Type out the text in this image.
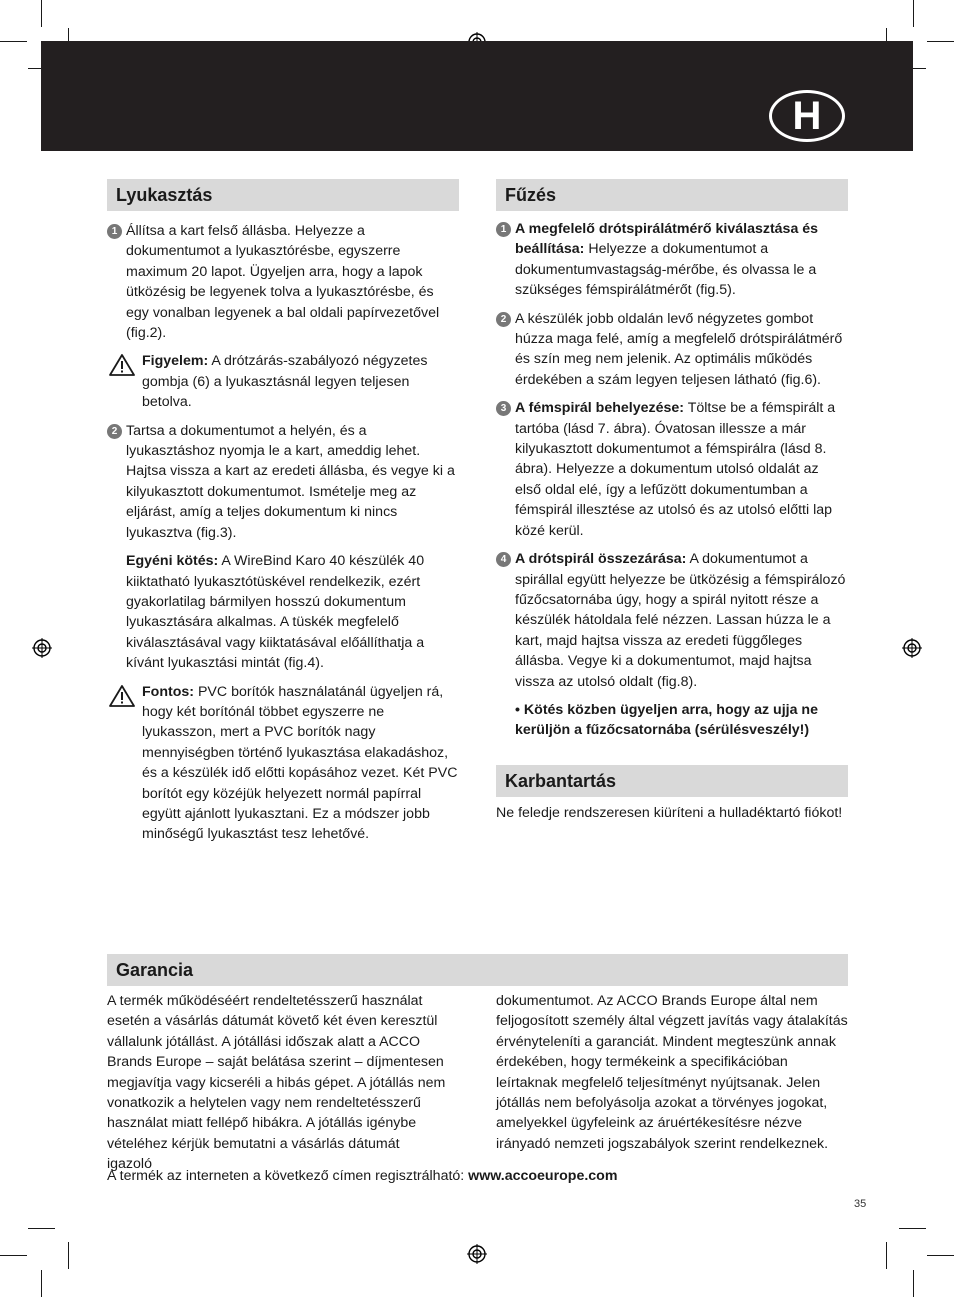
H
Lyukasztás
1 Állítsa a kart felső állásba. Helyezze a dokumentumot a lyukasztórésbe, egyszerre maximum 20 lapot. Ügyeljen arra, hogy a lapok ütközésig be legyenek tolva a lyukasztórésbe, és egy vonalban legyenek a bal oldali papírvezetővel (fig.2).

Figyelem: A drótzárás-szabályozó négyzetes gombja (6) a lyukasztásnál legyen teljesen betolva.

2 Tartsa a dokumentumot a helyén, és a lyukasztáshoz nyomja le a kart, ameddig lehet. Hajtsa vissza a kart az eredeti állásba, és vegye ki a kilyukasztott dokumentumot. Ismételje meg az eljárást, amíg a teljes dokumentum ki nincs lyukasztva (fig.3).

Egyéni kötés: A WireBind Karo 40 készülék 40 kiiktatható lyukasztótüskével rendelkezik, ezért gyakorlatilag bármilyen hosszú dokumentum lyukasztására alkalmas. A tüskék megfelelő kiválasztásával vagy kiiktatásával előállíthatja a kívánt lyukasztási mintát (fig.4).

Fontos: PVC borítók használatánál ügyeljen rá, hogy két borítónál többet egyszerre ne lyukasszon, mert a PVC borítók nagy mennyiségben történő lyukasztása elakadáshoz, és a készülék idő előtti kopásához vezet. Két PVC borítót egy közéjük helyezett normál papírral együtt ajánlott lyukasztani. Ez a módszer jobb minőségű lyukasztást tesz lehetővé.

Fűzés
1 A megfelelő drótspirálátmérő kiválasztása és beállítása: Helyezze a dokumentumot a dokumentumvastagság-mérőbe, és olvassa le a szükséges fémspirálátmérőt (fig.5).

2 A készülék jobb oldalán levő négyzetes gombot húzza maga felé, amíg a megfelelő drótspirálátmérő és szín meg nem jelenik. Az optimális működés érdekében a szám legyen teljesen látható (fig.6).

3 A fémspirál behelyezése: Töltse be a fémspirált a tartóba (lásd 7. ábra). Óvatosan illessze a már kilyukasztott dokumentumot a fémspirálra (lásd 8. ábra). Helyezze a dokumentum utolsó oldalát az első oldal elé, így a lefűzött dokumentumban a fémspirál illesztése az utolsó és az utolsó előtti lap közé kerül.

4 A drótspirál összezárása: A dokumentumot a spirállal együtt helyezze be ütközésig a fémspirálozó fűzőcsatornába úgy, hogy a spirál nyitott része a készülék hátoldala felé nézzen. Lassan húzza le a kart, majd hajtsa vissza az eredeti függőleges állásba. Vegye ki a dokumentumot, majd hajtsa vissza az utolsó oldalt (fig.8).

• Kötés közben ügyeljen arra, hogy az ujja ne kerüljön a fűzőcsatornába (sérülésveszély!)

Karbantartás

Ne feledje rendszeresen kiüríteni a hulladéktartó fiókot!

Garancia

A termék működéséért rendeltetésszerű használat esetén a vásárlás dátumát követő két éven keresztül vállalunk jótállást. A jótállási időszak alatt a ACCO Brands Europe – saját belátása szerint – díjmentesen megjavítja vagy kicseréli a hibás gépet. A jótállás nem vonatkozik a helytelen vagy nem rendeltetésszerű használat miatt fellépő hibákra. A jótállás igénybe vételéhez kérjük bemutatni a vásárlás dátumát igazoló

dokumentumot. Az ACCO Brands Europe által nem feljogosított személy által végzett javítás vagy átalakítás érvényteleníti a garanciát. Mindent megteszünk annak érdekében, hogy termékeink a specifikációban leírtaknak megfelelő teljesítményt nyújtsanak. Jelen jótállás nem befolyásolja azokat a törvényes jogokat, amelyekkel ügyfeleink az áruértékesítésre nézve irányadó nemzeti jogszabályok szerint rendelkeznek.

A termék az interneten a következő címen regisztrálható: www.accoeurope.com

35
